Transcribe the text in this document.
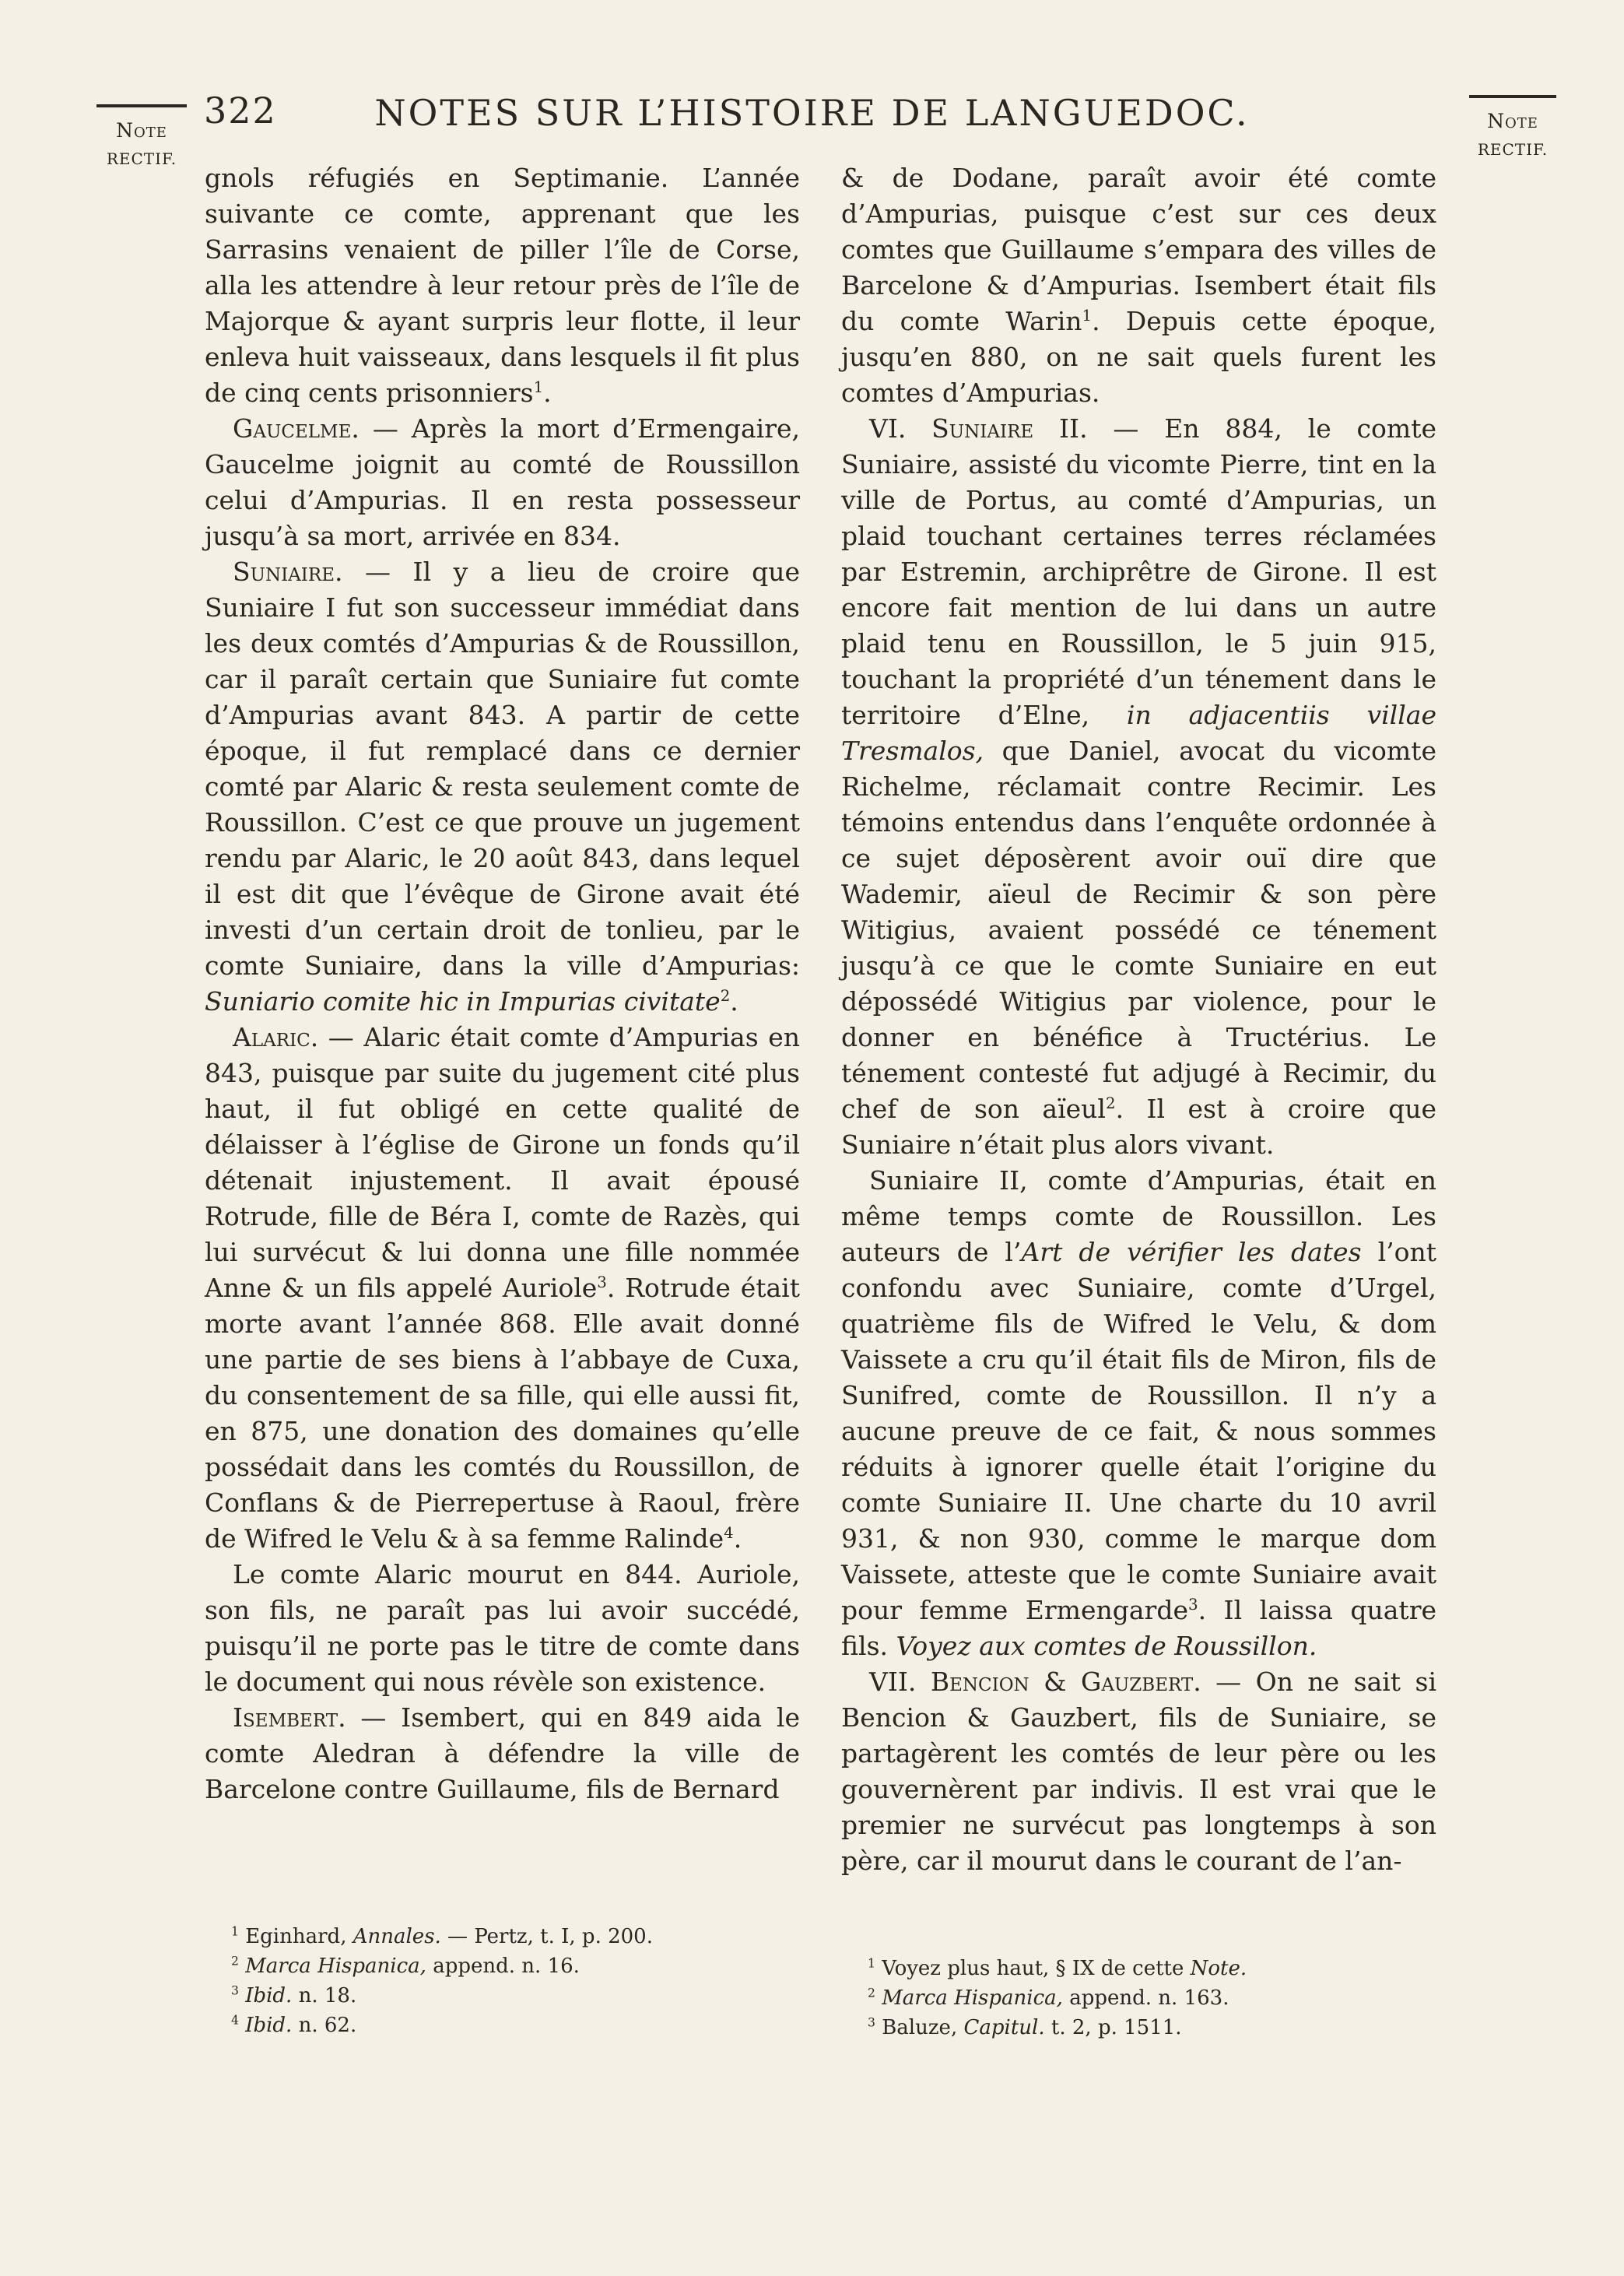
322	NOTES SUR L’HISTOIRE DE LANGUEDOC.
Note
RECTIF.
Note
RECTIF.

gnols réfugiés en Septimanie. L’année suivante ce comte, apprenant que les Sarrasins venaient de piller l’île de Corse, alla les attendre à leur retour près de l’île de Majorque & ayant surpris leur flotte, il leur enleva huit vaisseaux, dans lesquels il fit plus de cinq cents prisonniers$^1$.

Gaucelme. — Après la mort d’Ermengaire, Gaucelme joignit au comté de Roussillon celui d’Ampurias. Il en resta possesseur jusqu’à sa mort, arrivée en 834.

Suniaire. — Il y a lieu de croire que Suniaire I fut son successeur immédiat dans les deux comtés d’Ampurias & de Roussillon, car il paraît certain que Suniaire fut comte d’Ampurias avant 843. A partir de cette époque, il fut remplacé dans ce dernier comté par Alaric & resta seulement comte de Roussillon. C’est ce que prouve un jugement rendu par Alaric, le 20 août 843, dans lequel il est dit que l’évêque de Girone avait été investi d’un certain droit de tonlieu, par le comte Suniaire, dans la ville d’Ampurias: Suniario comite hic in Impurias civitate$^2$.

Alaric. — Alaric était comte d’Ampurias en 843, puisque par suite du jugement cité plus haut, il fut obligé en cette qualité de délaisser à l’église de Girone un fonds qu’il détenait injustement. Il avait épousé Rotrude, fille de Béra I, comte de Razès, qui lui survécut & lui donna une fille nommée Anne & un fils appelé Auriole$^3$. Rotrude était morte avant l’année 868. Elle avait donné une partie de ses biens à l’abbaye de Cuxa, du consentement de sa fille, qui elle aussi fit, en 875, une donation des domaines qu’elle possédait dans les comtés du Roussillon, de Conflans & de Pierrepertuse à Raoul, frère de Wifred le Velu & à sa femme Ralinde$^4$.

Le comte Alaric mourut en 844. Auriole, son fils, ne paraît pas lui avoir succédé, puisqu’il ne porte pas le titre de comte dans le document qui nous révèle son existence.

Isembert. — Isembert, qui en 849 aida le comte Aledran à défendre la ville de Barcelone contre Guillaume, fils de Bernard

& de Dodane, paraît avoir été comte d’Ampurias, puisque c’est sur ces deux comtes que Guillaume s’empara des villes de Barcelone & d’Ampurias. Isembert était fils du comte Warin$^1$. Depuis cette époque, jusqu’en 880, on ne sait quels furent les comtes d’Ampurias.

VI. Suniaire II. — En 884, le comte Suniaire, assisté du vicomte Pierre, tint en la ville de Portus, au comté d’Ampurias, un plaid touchant certaines terres réclamées par Estremin, archiprêtre de Girone. Il est encore fait mention de lui dans un autre plaid tenu en Roussillon, le 5 juin 915, touchant la propriété d’un ténement dans le territoire d’Elne, in adjacentiis villae Tresmalos, que Daniel, avocat du vicomte Richelme, réclamait contre Recimir. Les témoins entendus dans l’enquête ordonnée à ce sujet déposèrent avoir ouï dire que Wademir, aïeul de Recimir & son père Witigius, avaient possédé ce ténement jusqu’à ce que le comte Suniaire en eut dépossédé Witigius par violence, pour le donner en bénéfice à Tructérius. Le ténement contesté fut adjugé à Recimir, du chef de son aïeul$^2$. Il est à croire que Suniaire n’était plus alors vivant.

Suniaire II, comte d’Ampurias, était en même temps comte de Roussillon. Les auteurs de l’Art de vérifier les dates l’ont confondu avec Suniaire, comte d’Urgel, quatrième fils de Wifred le Velu, & dom Vaissete a cru qu’il était fils de Miron, fils de Sunifred, comte de Roussillon. Il n’y a aucune preuve de ce fait, & nous sommes réduits à ignorer quelle était l’origine du comte Suniaire II. Une charte du 10 avril 931, & non 930, comme le marque dom Vaissete, atteste que le comte Suniaire avait pour femme Ermengarde$^3$. Il laissa quatre fils. Voyez aux comtes de Roussillon.

VII. Bencion & Gauzbert. — On ne sait si Bencion & Gauzbert, fils de Suniaire, se partagèrent les comtés de leur père ou les gouvernèrent par indivis. Il est vrai que le premier ne survécut pas longtemps à son père, car il mourut dans le courant de l’an-

$^1$ Eginhard, Annales. — Pertz, t. I, p. 200.
$^2$ Marca Hispanica, append. n. 16.
$^3$ Ibid. n. 18.
$^4$ Ibid. n. 62.
$^1$ Voyez plus haut, § IX de cette Note.
$^2$ Marca Hispanica, append. n. 163.
$^3$ Baluze, Capitul. t. 2, p. 1511.
